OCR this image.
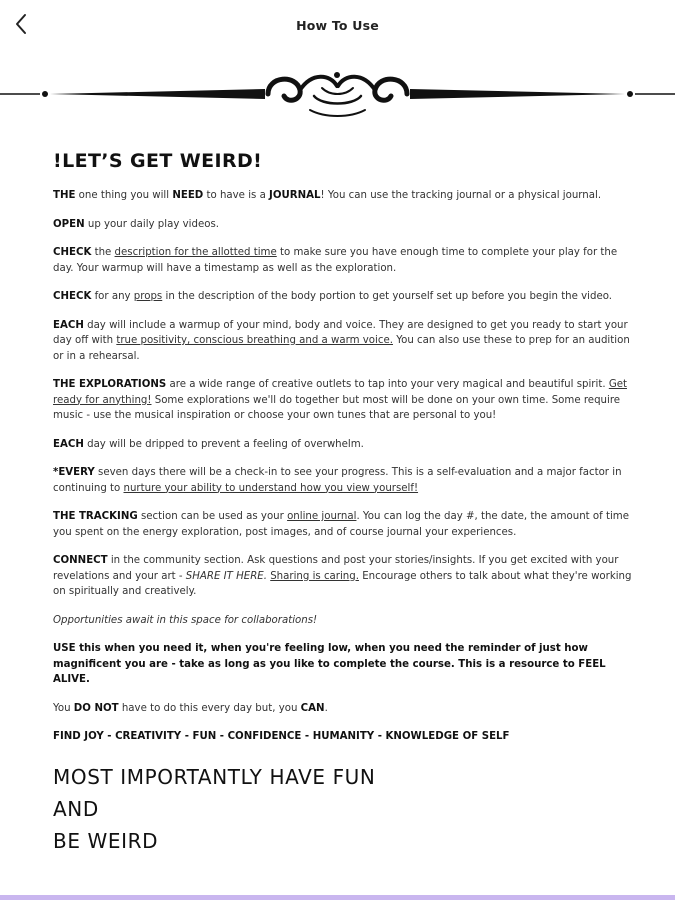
How To Use
!LET’S GET WEIRD!

THE one thing you will NEED to have is a JOURNAL! You can use the tracking journal or a physical journal.

OPEN up your daily play videos.

CHECK the description for the allotted time to make sure you have enough time to complete your play for the day. Your warmup will have a timestamp as well as the exploration.

CHECK for any props in the description of the body portion to get yourself set up before you begin the video.

EACH day will include a warmup of your mind, body and voice. They are designed to get you ready to start your day off with true positivity, conscious breathing and a warm voice. You can also use these to prep for an audition or in a rehearsal.

THE EXPLORATIONS are a wide range of creative outlets to tap into your very magical and beautiful spirit. Get ready for anything! Some explorations we'll do together but most will be done on your own time. Some require music - use the musical inspiration or choose your own tunes that are personal to you!

EACH day will be dripped to prevent a feeling of overwhelm.

*EVERY seven days there will be a check-in to see your progress. This is a self-evaluation and a major factor in continuing to nurture your ability to understand how you view yourself!

THE TRACKING section can be used as your online journal. You can log the day #, the date, the amount of time you spent on the energy exploration, post images, and of course journal your experiences.

CONNECT in the community section. Ask questions and post your stories/insights. If you get excited with your revelations and your art - SHARE IT HERE. Sharing is caring. Encourage others to talk about what they're working on spiritually and creatively.

Opportunities await in this space for collaborations!

USE this when you need it, when you're feeling low, when you need the reminder of just how magnificent you are - take as long as you like to complete the course. This is a resource to FEEL ALIVE.

You DO NOT have to do this every day but, you CAN.

FIND JOY - CREATIVITY - FUN - CONFIDENCE - HUMANITY - KNOWLEDGE OF SELF

MOST IMPORTANTLY HAVE FUN
AND
BE WEIRD
